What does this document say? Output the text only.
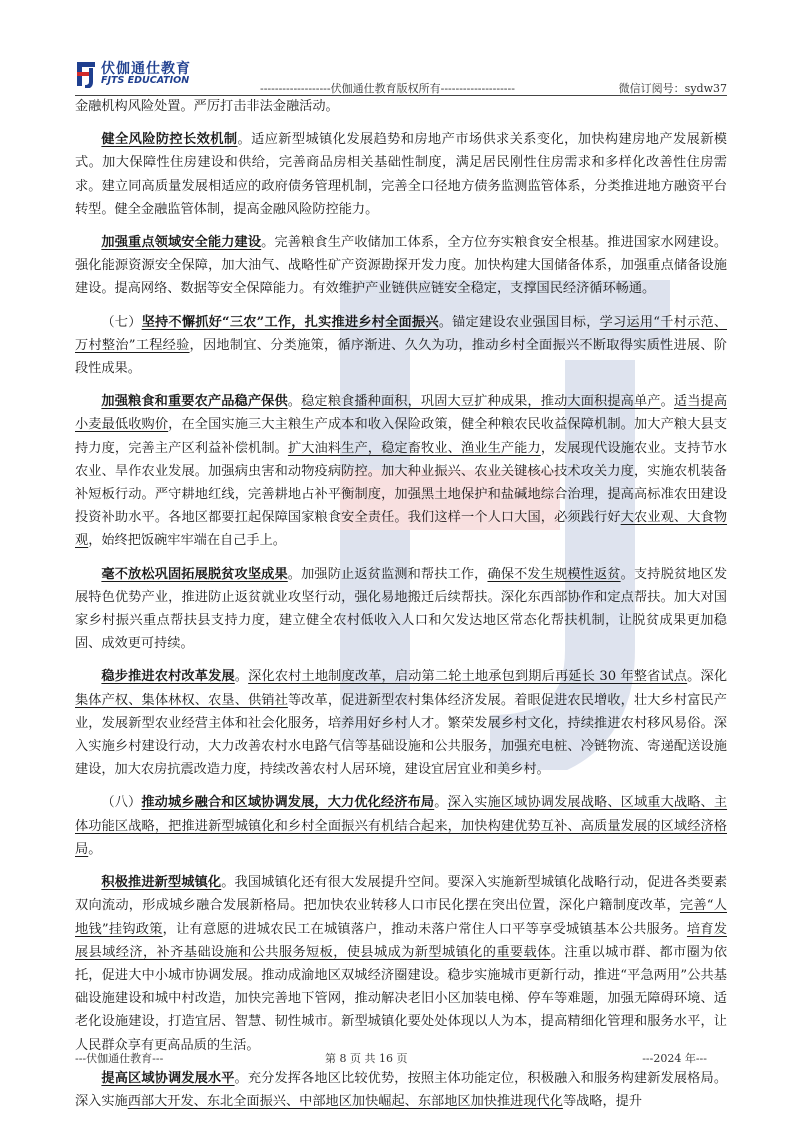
伏伽通仕教育
FJTS EDUCATION
-------------------伏伽通仕教育版权所有--------------------	微信订阅号：sydw37

金融机构风险处置。严厉打击非法金融活动。

健全风险防控长效机制。适应新型城镇化发展趋势和房地产市场供求关系变化，加快构建房地产发展新模式。加大保障性住房建设和供给，完善商品房相关基础性制度，满足居民刚性住房需求和多样化改善性住房需求。建立同高质量发展相适应的政府债务管理机制，完善全口径地方债务监测监管体系，分类推进地方融资平台转型。健全金融监管体制，提高金融风险防控能力。

加强重点领域安全能力建设。完善粮食生产收储加工体系，全方位夯实粮食安全根基。推进国家水网建设。强化能源资源安全保障，加大油气、战略性矿产资源勘探开发力度。加快构建大国储备体系，加强重点储备设施建设。提高网络、数据等安全保障能力。有效维护产业链供应链安全稳定，支撑国民经济循环畅通。

（七）坚持不懈抓好“三农”工作，扎实推进乡村全面振兴。锚定建设农业强国目标，学习运用“千村示范、万村整治”工程经验，因地制宜、分类施策，循序渐进、久久为功，推动乡村全面振兴不断取得实质性进展、阶段性成果。

加强粮食和重要农产品稳产保供。稳定粮食播种面积，巩固大豆扩种成果，推动大面积提高单产。适当提高小麦最低收购价，在全国实施三大主粮生产成本和收入保险政策，健全种粮农民收益保障机制。加大产粮大县支持力度，完善主产区利益补偿机制。扩大油料生产，稳定畜牧业、渔业生产能力，发展现代设施农业。支持节水农业、旱作农业发展。加强病虫害和动物疫病防控。加大种业振兴、农业关键核心技术攻关力度，实施农机装备补短板行动。严守耕地红线，完善耕地占补平衡制度，加强黑土地保护和盐碱地综合治理，提高高标准农田建设投资补助水平。各地区都要扛起保障国家粮食安全责任。我们这样一个人口大国，必须践行好大农业观、大食物观，始终把饭碗牢牢端在自己手上。

毫不放松巩固拓展脱贫攻坚成果。加强防止返贫监测和帮扶工作，确保不发生规模性返贫。支持脱贫地区发展特色优势产业，推进防止返贫就业攻坚行动，强化易地搬迁后续帮扶。深化东西部协作和定点帮扶。加大对国家乡村振兴重点帮扶县支持力度，建立健全农村低收入人口和欠发达地区常态化帮扶机制，让脱贫成果更加稳固、成效更可持续。

稳步推进农村改革发展。深化农村土地制度改革，启动第二轮土地承包到期后再延长 30 年整省试点。深化集体产权、集体林权、农垦、供销社等改革，促进新型农村集体经济发展。着眼促进农民增收，壮大乡村富民产业，发展新型农业经营主体和社会化服务，培养用好乡村人才。繁荣发展乡村文化，持续推进农村移风易俗。深入实施乡村建设行动，大力改善农村水电路气信等基础设施和公共服务，加强充电桩、冷链物流、寄递配送设施建设，加大农房抗震改造力度，持续改善农村人居环境，建设宜居宜业和美乡村。

（八）推动城乡融合和区域协调发展，大力优化经济布局。深入实施区域协调发展战略、区域重大战略、主体功能区战略，把推进新型城镇化和乡村全面振兴有机结合起来，加快构建优势互补、高质量发展的区域经济格局。

积极推进新型城镇化。我国城镇化还有很大发展提升空间。要深入实施新型城镇化战略行动，促进各类要素双向流动，形成城乡融合发展新格局。把加快农业转移人口市民化摆在突出位置，深化户籍制度改革，完善“人地钱”挂钩政策，让有意愿的进城农民工在城镇落户，推动未落户常住人口平等享受城镇基本公共服务。培育发展县域经济，补齐基础设施和公共服务短板，使县城成为新型城镇化的重要载体。注重以城市群、都市圈为依托，促进大中小城市协调发展。推动成渝地区双城经济圈建设。稳步实施城市更新行动，推进“平急两用”公共基础设施建设和城中村改造，加快完善地下管网，推动解决老旧小区加装电梯、停车等难题，加强无障碍环境、适老化设施建设，打造宜居、智慧、韧性城市。新型城镇化要处处体现以人为本，提高精细化管理和服务水平，让人民群众享有更高品质的生活。

提高区域协调发展水平。充分发挥各地区比较优势，按照主体功能定位，积极融入和服务构建新发展格局。深入实施西部大开发、东北全面振兴、中部地区加快崛起、东部地区加快推进现代化等战略，提升

---伏伽通仕教育---	第 8 页 共 16 页	---2024 年---
